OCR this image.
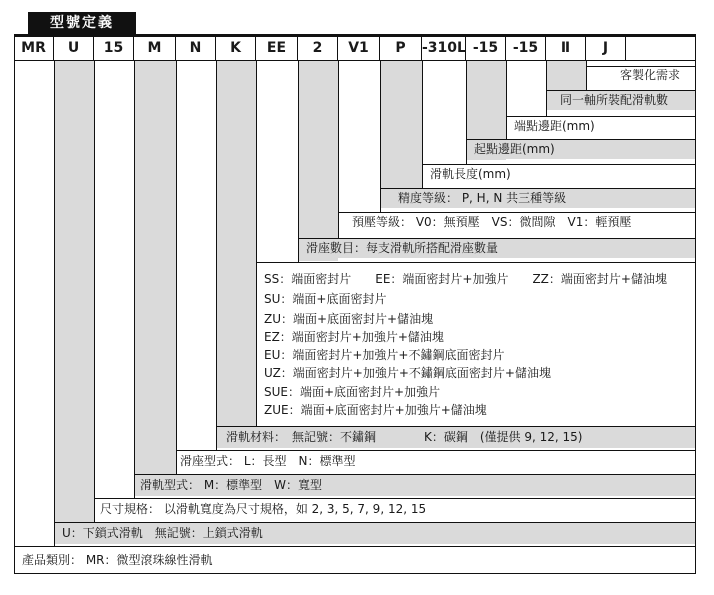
型號定義
MR	U	15	M	N	K	EE	2	V1	P	-310L -15	-15	Ⅱ	J
客製化需求
同一軸所裝配滑軌數
端點邊距(mm)
起點邊距(mm)
滑軌長度(mm)
精度等級： P, H, N 共三種等級
預壓等級： V0：無預壓　VS：微間隙　V1：輕預壓
滑座數目：每支滑軌所搭配滑座數量
SS：端面密封片　　EE：端面密封片+加強片　　ZZ：端面密封片+儲油塊
SU：端面+底面密封片
ZU：端面+底面密封片+儲油塊
EZ：端面密封片+加強片+儲油塊
EU：端面密封片+加強片+不鏽鋼底面密封片
UZ：端面密封片+加強片+不鏽鋼底面密封片+儲油塊
SUE：端面+底面密封片+加強片
ZUE：端面+底面密封片+加強片+儲油塊
滑軌材料：　無記號：不鏽鋼　　　　K：碳鋼　(僅提供 9, 12, 15)
滑座型式： L：長型　N：標準型
滑軌型式： M：標準型　W：寬型
尺寸規格： 以滑軌寬度為尺寸規格，如 2, 3, 5, 7, 9, 12, 15
U：下鎖式滑軌　無記號：上鎖式滑軌
產品類別： MR：微型滾珠線性滑軌
